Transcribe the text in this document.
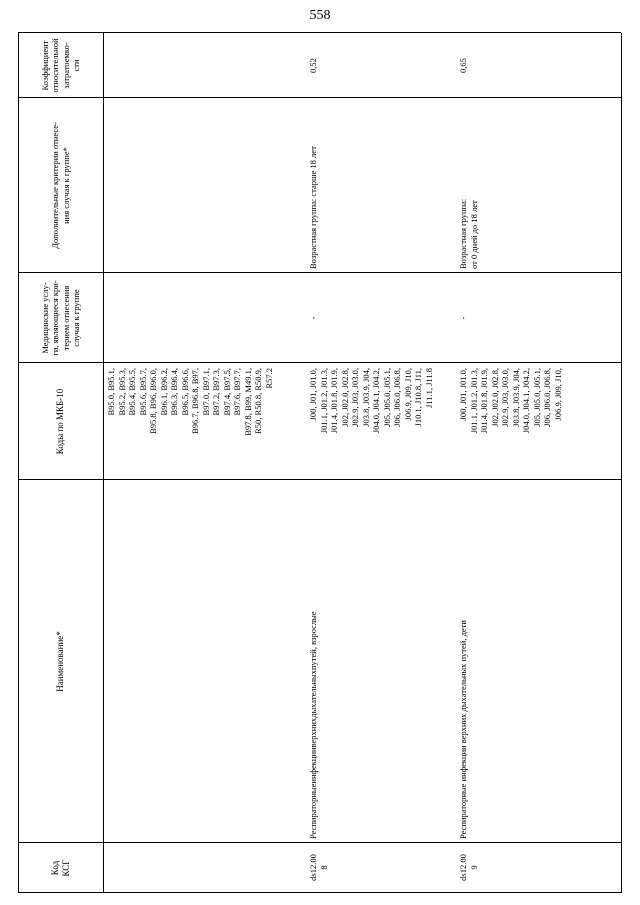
558
Код
КСГ
Наименование*
Коды по МКБ-10
Медицинские услу-
ги, являющиеся кри-
терием отнесения
случая к группе
Дополнительные критерии отнесе-
ния случая к группе*
Коэффициент
относительной
затратоемко-
сти
B95.0, B95.1,
B95.2, B95.3,
B95.4, B95.5,
B95.6, B95.7,
B95.8, B96, B96.0,
B96.1, B96.2,
B96.3, B96.4,
B96.5, B96.6,
B96.7, B96.8, B97,
B97.0, B97.1,
B97.2, B97.3,
B97.4, B97.5,
B97.6, B97.7,
B97.8, B99, M49.1,
R50, R50.8, R50.9,
R57.2
ds12.00
8
Респираторныеинфекцииверхнихдыхательныхпутей, взрослые
J00, J01, J01.0,
J01.1, J01.2, J01.3,
J01.4, J01.8, J01.9,
J02, J02.0, J02.8,
J02.9, J03, J03.0,
J03.8, J03.9, J04,
J04.0, J04.1, J04.2,
J05, J05.0, J05.1,
J06, J06.0, J06.8,
J06.9, J09, J10,
J10.1, J10.8, J11,
J11.1, J11.8
-
Возрастная группа: старше 18 лет
0,52
ds12.00
9
Респираторные инфекции верхних дыхательных путей, дети
J00, J01, J01.0,
J01.1, J01.2, J01.3,
J01.4, J01.8, J01.9,
J02, J02.0, J02.8,
J02.9, J03, J03.0,
J03.8, J03.9, J04,
J04.0, J04.1, J04.2,
J05, J05.0, J05.1,
J06, J06.0, J06.8,
J06.9, J09, J10,
-
Возрастная группа:
от 0 дней до 18 лет
0,65
